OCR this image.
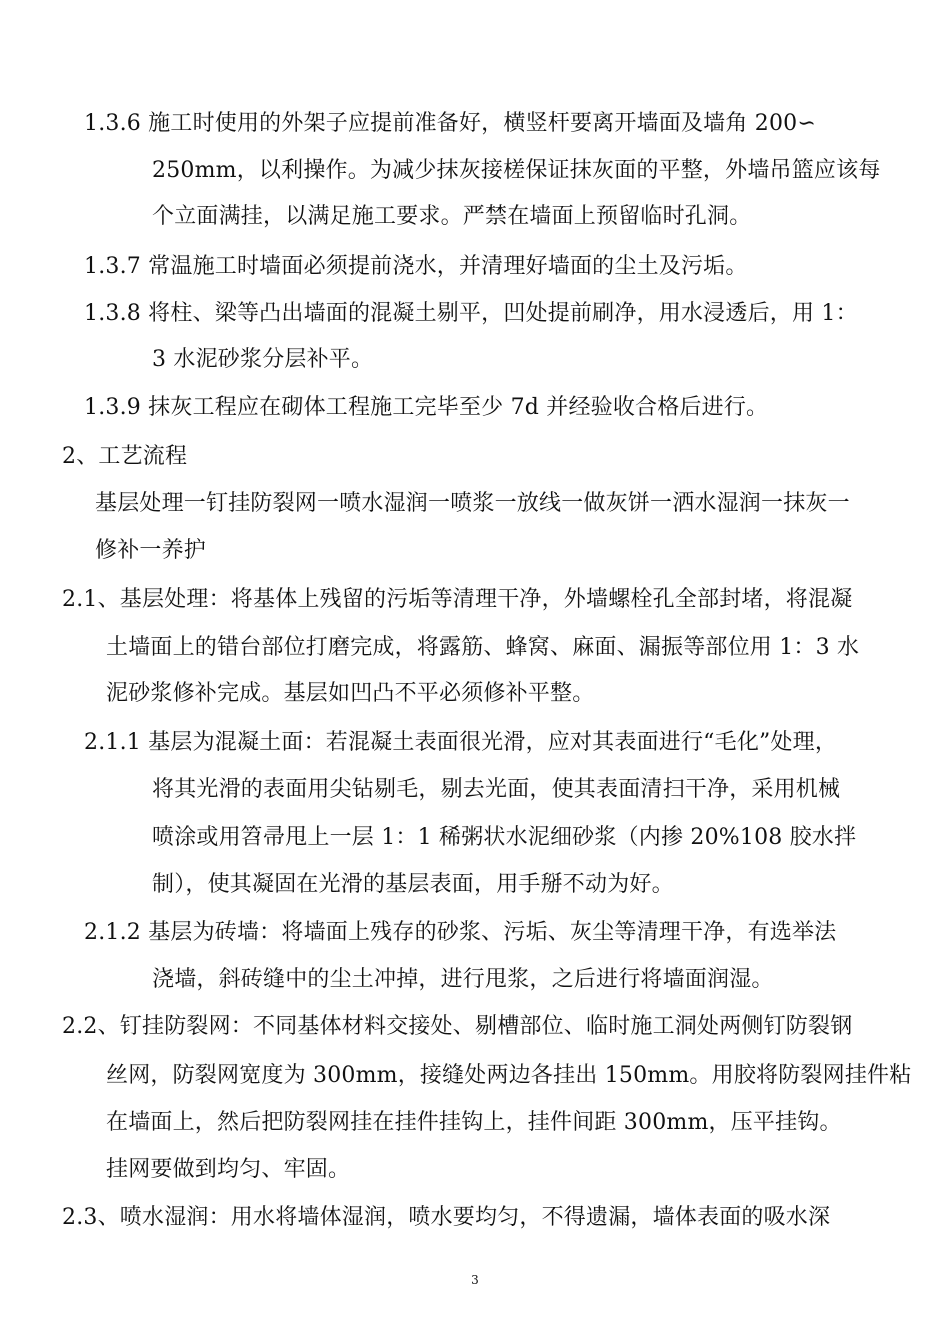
1.3.6 施工时使用的外架子应提前准备好，横竖杆要离开墙面及墙角 200∽
250mm，以利操作。为减少抹灰接槎保证抹灰面的平整，外墙吊篮应该每
个立面满挂，以满足施工要求。严禁在墙面上预留临时孔洞。
1.3.7 常温施工时墙面必须提前浇水，并清理好墙面的尘土及污垢。
1.3.8 将柱、梁等凸出墙面的混凝土剔平，凹处提前刷净，用水浸透后，用 1：
3 水泥砂浆分层补平。
1.3.9 抹灰工程应在砌体工程施工完毕至少 7d 并经验收合格后进行。
2、工艺流程
基层处理一钉挂防裂网一喷水湿润一喷浆一放线一做灰饼一洒水湿润一抹灰一
修补一养护
2.1、基层处理：将基体上残留的污垢等清理干净，外墙螺栓孔全部封堵，将混凝
土墙面上的错台部位打磨完成，将露筋、蜂窝、麻面、漏振等部位用 1：3 水
泥砂浆修补完成。基层如凹凸不平必须修补平整。
2.1.1 基层为混凝土面：若混凝土表面很光滑，应对其表面进行“毛化”处理，
将其光滑的表面用尖钻剔毛，剔去光面，使其表面清扫干净，采用机械
喷涂或用笤帚甩上一层 1：1 稀粥状水泥细砂浆（内掺 20%108 胶水拌
制），使其凝固在光滑的基层表面，用手掰不动为好。
2.1.2 基层为砖墙：将墙面上残存的砂浆、污垢、灰尘等清理干净，有选举法
浇墙，斜砖缝中的尘土冲掉，进行甩浆，之后进行将墙面润湿。
2.2、钉挂防裂网：不同基体材料交接处、剔槽部位、临时施工洞处两侧钉防裂钢
丝网，防裂网宽度为 300mm，接缝处两边各挂出 150mm。用胶将防裂网挂件粘
在墙面上，然后把防裂网挂在挂件挂钩上，挂件间距 300mm，压平挂钩。
挂网要做到均匀、牢固。
2.3、喷水湿润：用水将墙体湿润，喷水要均匀，不得遗漏，墙体表面的吸水深
3
